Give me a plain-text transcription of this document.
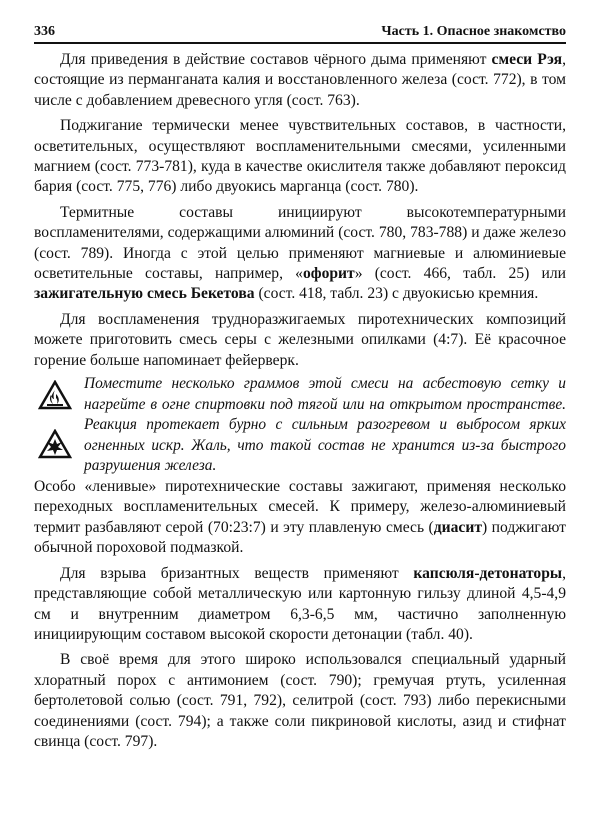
336	Часть 1. Опасное знакомство

Для приведения в действие составов чёрного дыма применяют смеси Рэя, состоящие из перманганата калия и восстановленного железа (сост. 772), в том числе с добавлением древесного угля (сост. 763).

Поджигание термически менее чувствительных составов, в частности, осветительных, осуществляют воспламенительными смесями, усиленными магнием (сост. 773-781), куда в качестве окислителя также добавляют пероксид бария (сост. 775, 776) либо двуокись марганца (сост. 780).

Термитные составы инициируют высокотемпературными воспламенителями, содержащими алюминий (сост. 780, 783-788) и даже железо (сост. 789). Иногда с этой целью применяют магниевые и алюминиевые осветительные составы, например, «офорит» (сост. 466, табл. 25) или зажигательную смесь Бекетова (сост. 418, табл. 23) с двуокисью кремния.

Для воспламенения трудноразжигаемых пиротехнических композиций можете приготовить смесь серы с железными опилками (4:7). Её красочное горение больше напоминает фейерверк.

Поместите несколько граммов этой смеси на асбестовую сетку и нагрейте в огне спиртовки под тягой или на открытом пространстве. Реакция протекает бурно с сильным разогревом и выбросом ярких огненных искр. Жаль, что такой состав не хранится из-за быстрого разрушения железа.

Особо «ленивые» пиротехнические составы зажигают, применяя несколько переходных воспламенительных смесей. К примеру, железо-алюминиевый термит разбавляют серой (70:23:7) и эту плавленую смесь (диасит) поджигают обычной пороховой подмазкой.

Для взрыва бризантных веществ применяют капсюля-детонаторы, представляющие собой металлическую или картонную гильзу длиной 4,5-4,9 см и внутренним диаметром 6,3-6,5 мм, частично заполненную инициирующим составом высокой скорости детонации (табл. 40).

В своё время для этого широко использовался специальный ударный хлоратный порох с антимонием (сост. 790); гремучая ртуть, усиленная бертолетовой солью (сост. 791, 792), селитрой (сост. 793) либо перекисными соединениями (сост. 794); а также соли пикриновой кислоты, азид и стифнат свинца (сост. 797).
